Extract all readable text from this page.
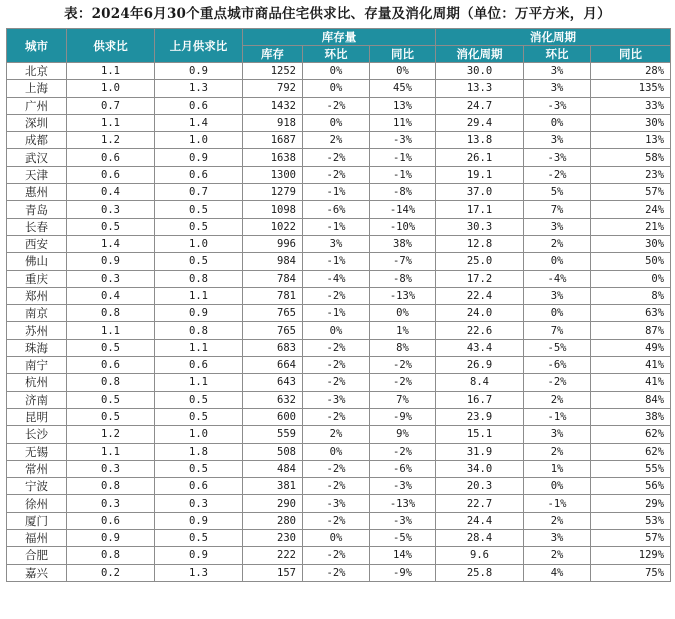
表：2024年6月30个重点城市商品住宅供求比、存量及消化周期（单位：万平方米，月）
城市	供求比	上月供求比	库存量			消化周期		
			库存	环比	同比	消化周期	环比	同比
北京	1.1	0.9	1252	0%	0%	30.0	3%	28%
上海	1.0	1.3	792	0%	45%	13.3	3%	135%
广州	0.7	0.6	1432	-2%	13%	24.7	-3%	33%
深圳	1.1	1.4	918	0%	11%	29.4	0%	30%
成都	1.2	1.0	1687	2%	-3%	13.8	3%	13%
武汉	0.6	0.9	1638	-2%	-1%	26.1	-3%	58%
天津	0.6	0.6	1300	-2%	-1%	19.1	-2%	23%
惠州	0.4	0.7	1279	-1%	-8%	37.0	5%	57%
青岛	0.3	0.5	1098	-6%	-14%	17.1	7%	24%
长春	0.5	0.5	1022	-1%	-10%	30.3	3%	21%
西安	1.4	1.0	996	3%	38%	12.8	2%	30%
佛山	0.9	0.5	984	-1%	-7%	25.0	0%	50%
重庆	0.3	0.8	784	-4%	-8%	17.2	-4%	0%
郑州	0.4	1.1	781	-2%	-13%	22.4	3%	8%
南京	0.8	0.9	765	-1%	0%	24.0	0%	63%
苏州	1.1	0.8	765	0%	1%	22.6	7%	87%
珠海	0.5	1.1	683	-2%	8%	43.4	-5%	49%
南宁	0.6	0.6	664	-2%	-2%	26.9	-6%	41%
杭州	0.8	1.1	643	-2%	-2%	8.4	-2%	41%
济南	0.5	0.5	632	-3%	7%	16.7	2%	84%
昆明	0.5	0.5	600	-2%	-9%	23.9	-1%	38%
长沙	1.2	1.0	559	2%	9%	15.1	3%	62%
无锡	1.1	1.8	508	0%	-2%	31.9	2%	62%
常州	0.3	0.5	484	-2%	-6%	34.0	1%	55%
宁波	0.8	0.6	381	-2%	-3%	20.3	0%	56%
徐州	0.3	0.3	290	-3%	-13%	22.7	-1%	29%
厦门	0.6	0.9	280	-2%	-3%	24.4	2%	53%
福州	0.9	0.5	230	0%	-5%	28.4	3%	57%
合肥	0.8	0.9	222	-2%	14%	9.6	2%	129%
嘉兴	0.2	1.3	157	-2%	-9%	25.8	4%	75%
